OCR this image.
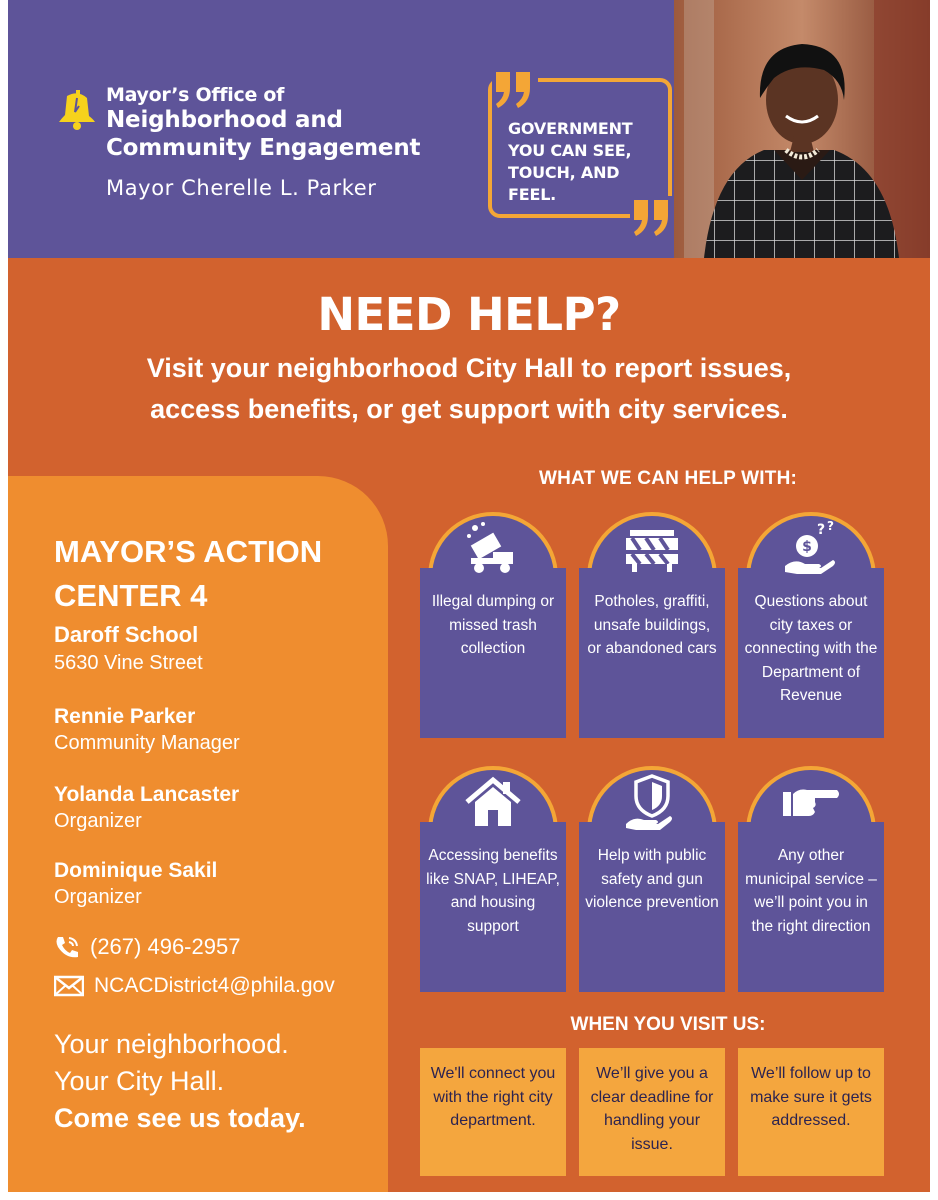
Mayor’s Office of
Neighborhood and
Community Engagement
Mayor Cherelle L. Parker
GOVERNMENT YOU CAN SEE, TOUCH, AND FEEL.
NEED HELP?
Visit your neighborhood City Hall to report issues,
access benefits, or get support with city services.
MAYOR’S ACTION
CENTER 4
Daroff School
5630 Vine Street
Rennie Parker
Community Manager
Yolanda Lancaster
Organizer
Dominique Sakil
Organizer
(267) 496-2957
NCACDistrict4@phila.gov
Your neighborhood.
Your City Hall.
Come see us today.
WHAT WE CAN HELP WITH:
Illegal dumping or missed trash collection
Potholes, graffiti, unsafe buildings, or abandoned cars
$
? ?
Questions about city taxes or connecting with the Department of Revenue
Accessing benefits like SNAP, LIHEAP, and housing support
Help with public safety and gun violence prevention
Any other municipal service – we’ll point you in the right direction
WHEN YOU VISIT US:
We'll connect you with the right city department.
We’ll give you a clear deadline for handling your issue.
We’ll follow up to make sure it gets addressed.
